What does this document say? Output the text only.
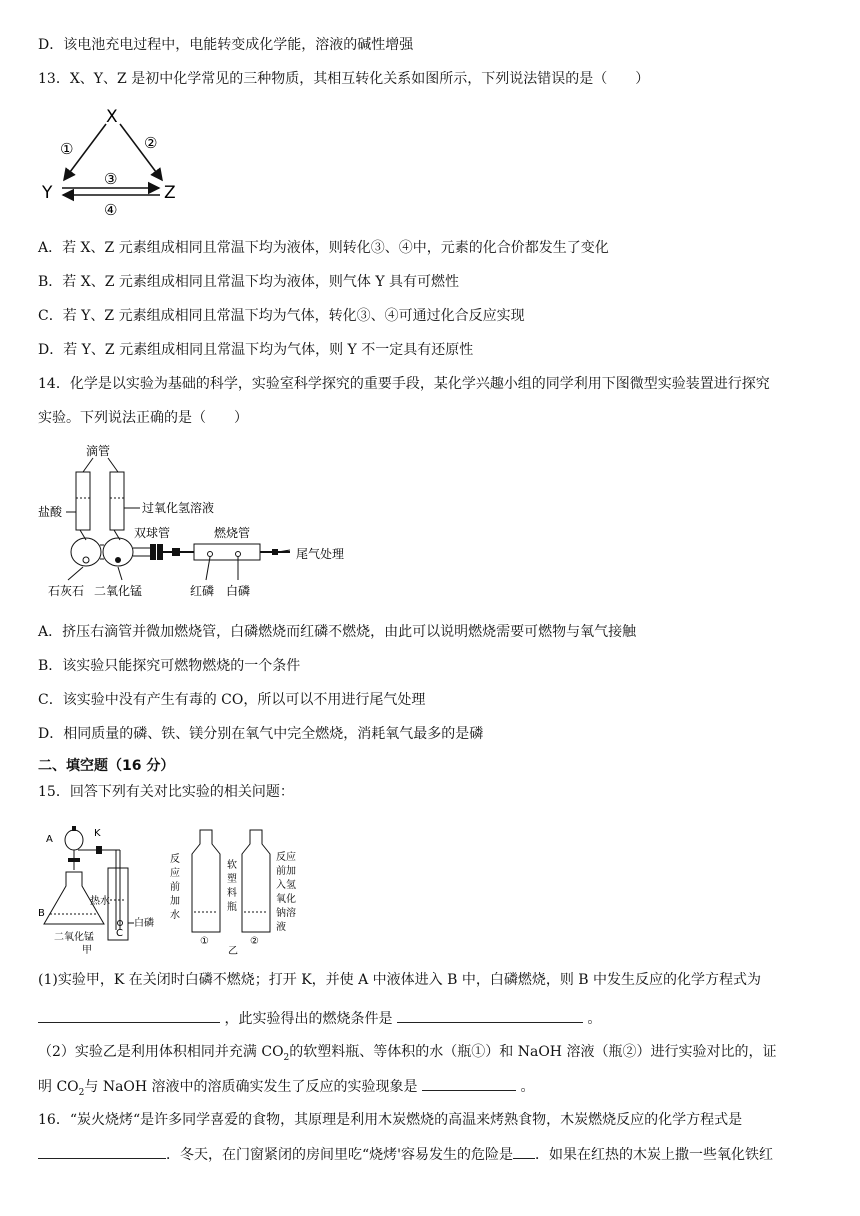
D．该电池充电过程中，电能转变成化学能，溶液的碱性增强
13．X、Y、Z 是初中化学常见的三种物质，其相互转化关系如图所示，下列说法错误的是（　　）
X
Y	Z
①	②
③
④
A．若 X、Z 元素组成相同且常温下均为液体，则转化③、④中，元素的化合价都发生了变化
B．若 X、Z 元素组成相同且常温下均为液体，则气体 Y 具有可燃性
C．若 Y、Z 元素组成相同且常温下均为气体，转化③、④可通过化合反应实现
D．若 Y、Z 元素组成相同且常温下均为气体，则 Y 不一定具有还原性
14．化学是以实验为基础的科学，实验室科学探究的重要手段，某化学兴趣小组的同学利用下图微型实验装置进行探究
实验。下列说法正确的是（　　）
滴管
盐酸	过氧化氢溶液
双球管	燃烧管
尾气处理
石灰石 二氧化锰	红磷 白磷
A．挤压右滴管并微加燃烧管，白磷燃烧而红磷不燃烧，由此可以说明燃烧需要可燃物与氧气接触
B．该实验只能探究可燃物燃烧的一个条件
C．该实验中没有产生有毒的 CO，所以可以不用进行尾气处理
D．相同质量的磷、铁、镁分别在氧气中完全燃烧，消耗氧气最多的是磷
二、填空题（16 分）
15．回答下列有关对比实验的相关问题：
A
K
B
热水
白磷
C
二氧化锰
甲
反
应
前
加
水
软
塑
料
瓶
反应
前加
入氢
氧化
钠溶
液
①	②
乙
(1)实验甲，K 在关闭时白磷不燃烧；打开 K，并使 A 中液体进入 B 中，白磷燃烧，则 B 中发生反应的化学方程式为
，此实验得出的燃烧条件是	。
（2）实验乙是利用体积相同并充满 $CO_2$的软塑料瓶、等体积的水（瓶①）和 NaOH 溶液（瓶②）进行实验对比的，证
明 $CO_2$与 NaOH 溶液中的溶质确实发生了反应的实验现象是	。
16．“炭火烧烤“是许多同学喜爱的食物，其原理是利用木炭燃烧的高温来烤熟食物，木炭燃烧反应的化学方程式是
．冬天，在门窗紧闭的房间里吃“烧烤'容易发生的危险是 ．如果在红热的木炭上撒一些氧化铁红
